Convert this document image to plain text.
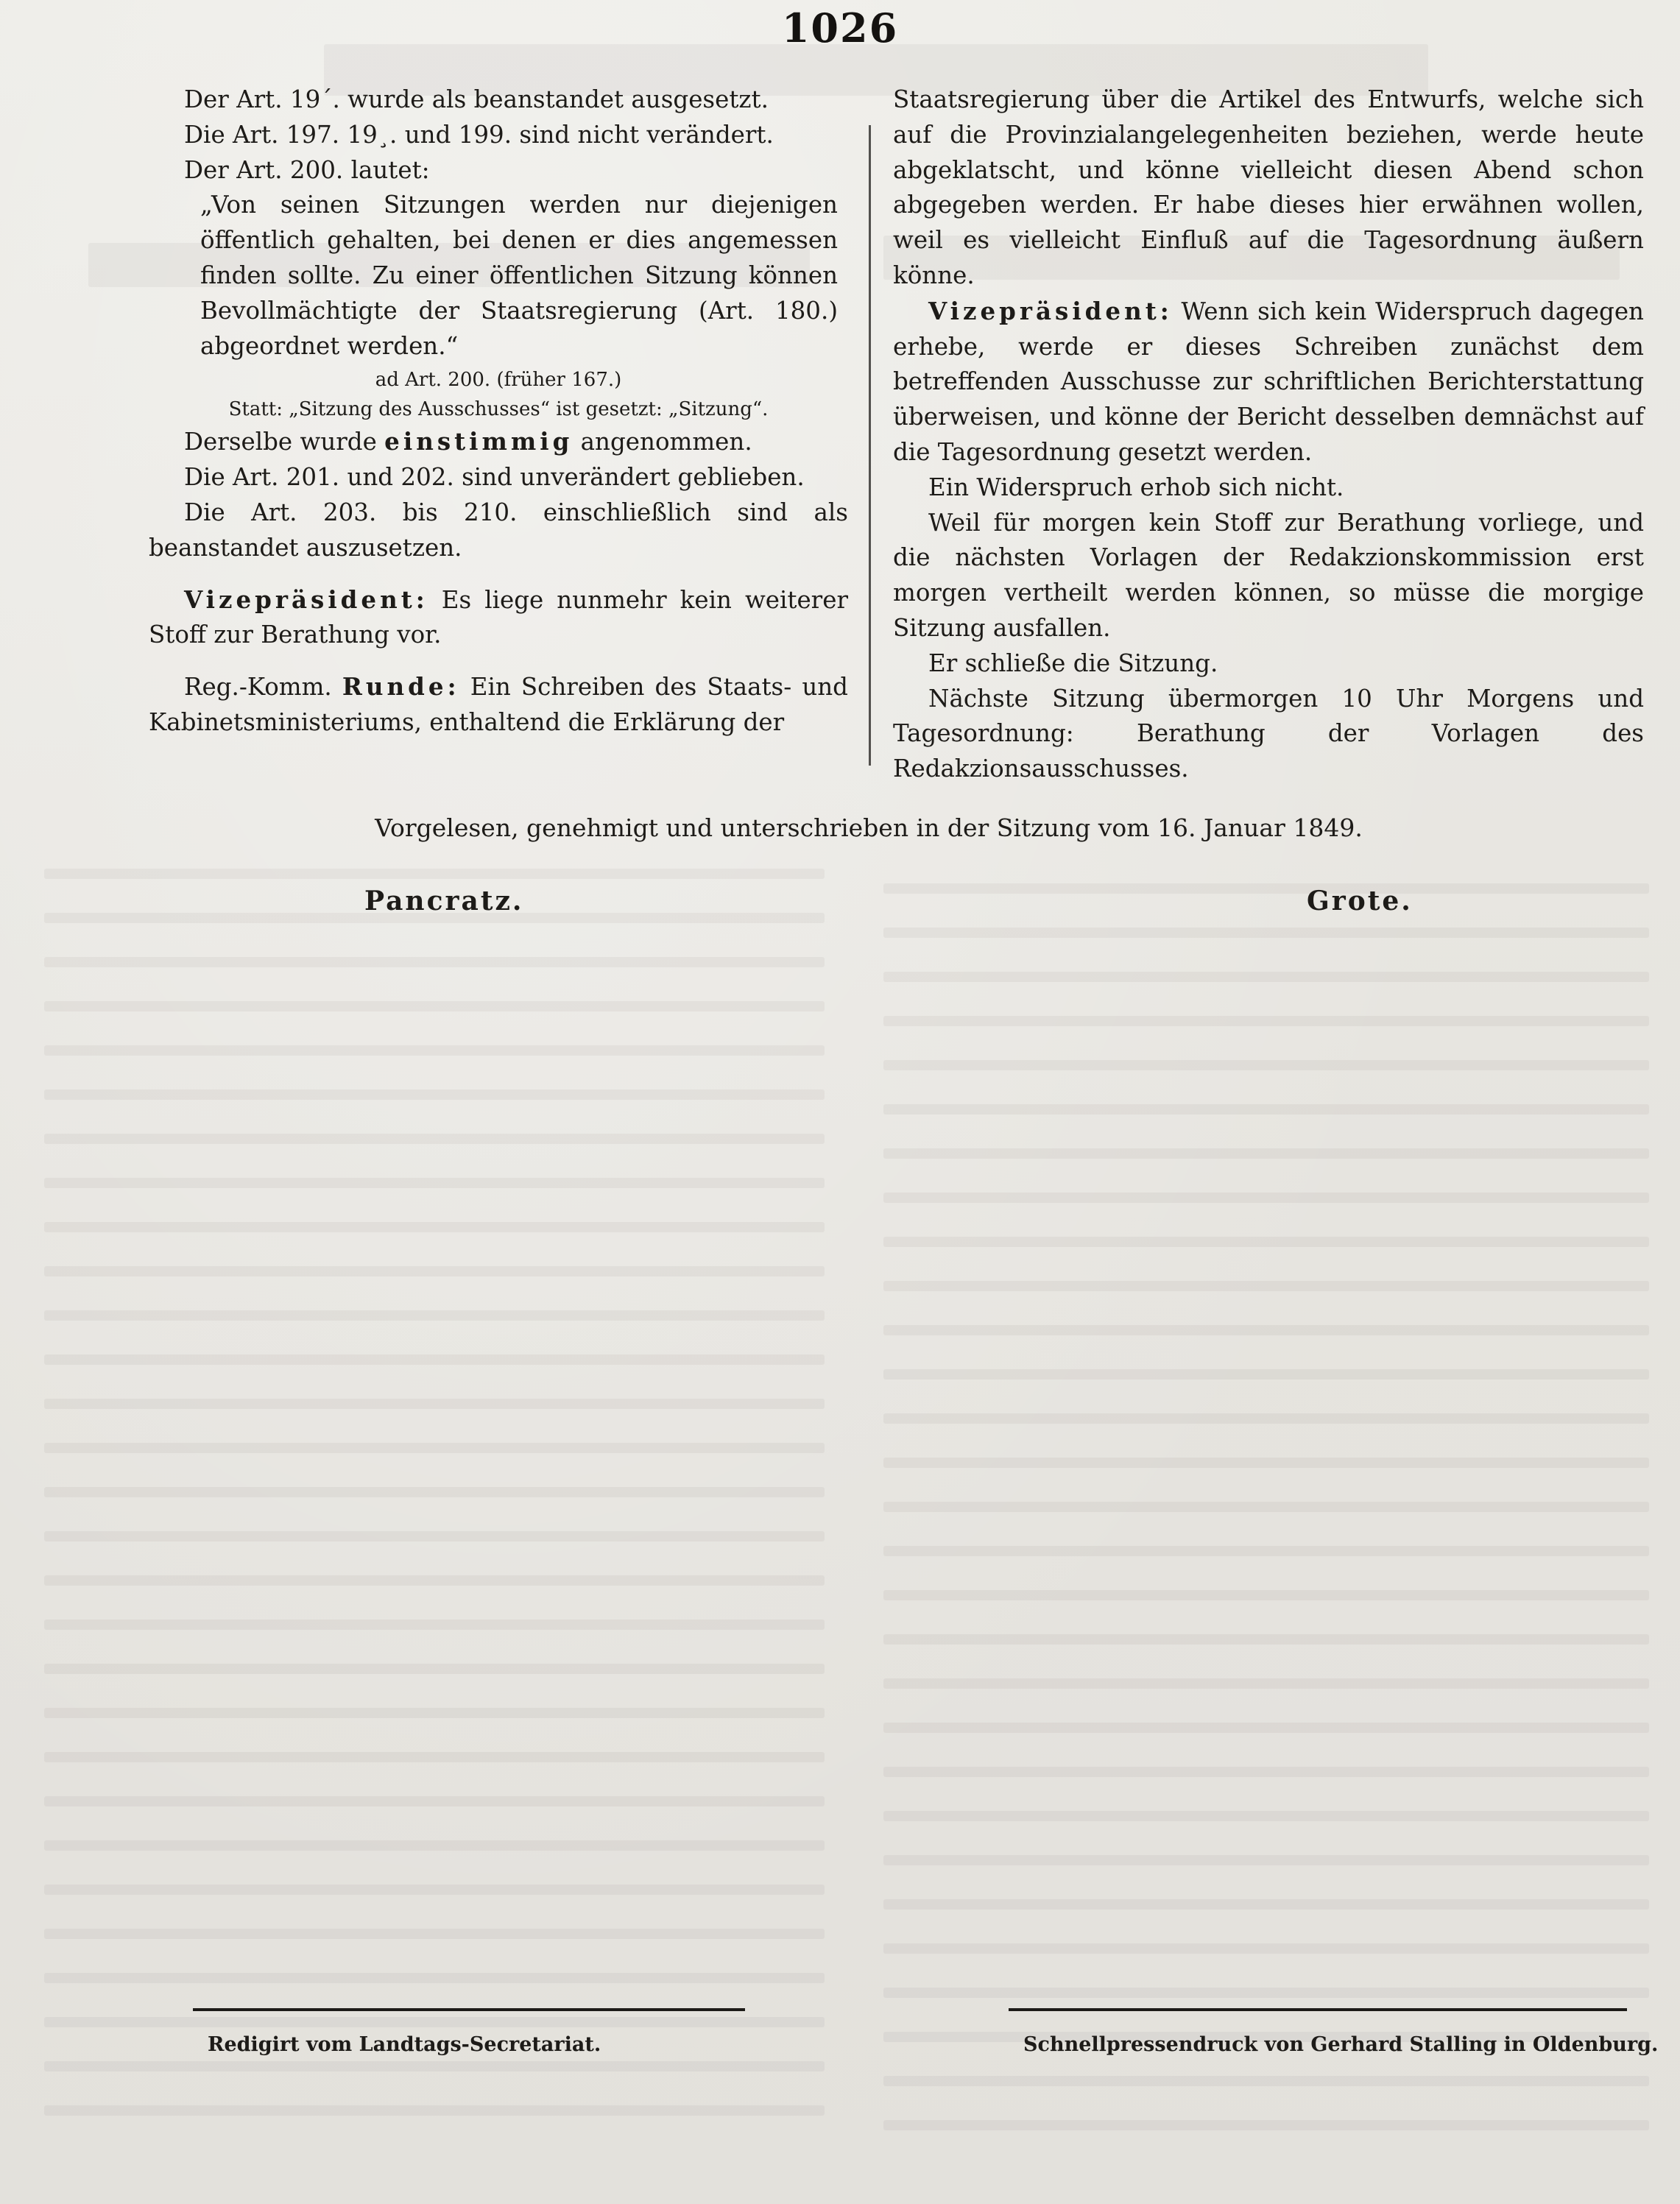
1026

Der Art. 19´. wurde als beanstandet ausgesetzt.

Die Art. 197. 19¸. und 199. sind nicht verändert.

Der Art. 200. lautet:

„Von seinen Sitzungen werden nur diejenigen öffentlich gehalten, bei denen er dies angemessen finden sollte. Zu einer öffentlichen Sitzung können Bevollmächtigte der Staatsregierung (Art. 180.) abgeordnet werden.“

ad Art. 200. (früher 167.)

Statt: „Sitzung des Ausschusses“ ist gesetzt: „Sitzung“.

Derselbe wurde einstimmig angenommen.

Die Art. 201. und 202. sind unverändert geblieben.

Die Art. 203. bis 210. einschließlich sind als beanstandet auszusetzen.

Vizepräsident: Es liege nunmehr kein weiterer Stoff zur Berathung vor.

Reg.-Komm. Runde: Ein Schreiben des Staats- und Kabinetsministeriums, enthaltend die Erklärung der

Staatsregierung über die Artikel des Entwurfs, welche sich auf die Provinzialangelegenheiten beziehen, werde heute abgeklatscht, und könne vielleicht diesen Abend schon abgegeben werden. Er habe dieses hier erwähnen wollen, weil es vielleicht Einfluß auf die Tagesordnung äußern könne.

Vizepräsident: Wenn sich kein Widerspruch dagegen erhebe, werde er dieses Schreiben zunächst dem betreffenden Ausschusse zur schriftlichen Berichterstattung überweisen, und könne der Bericht desselben demnächst auf die Tagesordnung gesetzt werden.

Ein Widerspruch erhob sich nicht.

Weil für morgen kein Stoff zur Berathung vorliege, und die nächsten Vorlagen der Redakzionskommission erst morgen vertheilt werden können, so müsse die morgige Sitzung ausfallen.

Er schließe die Sitzung.

Nächste Sitzung übermorgen 10 Uhr Morgens und Tagesordnung: Berathung der Vorlagen des Redakzionsausschusses.

Vorgelesen, genehmigt und unterschrieben in der Sitzung vom 16. Januar 1849.
Pancratz.	Grote.
Redigirt vom Landtags-Secretariat.	Schnellpressendruck von Gerhard Stalling in Oldenburg.
